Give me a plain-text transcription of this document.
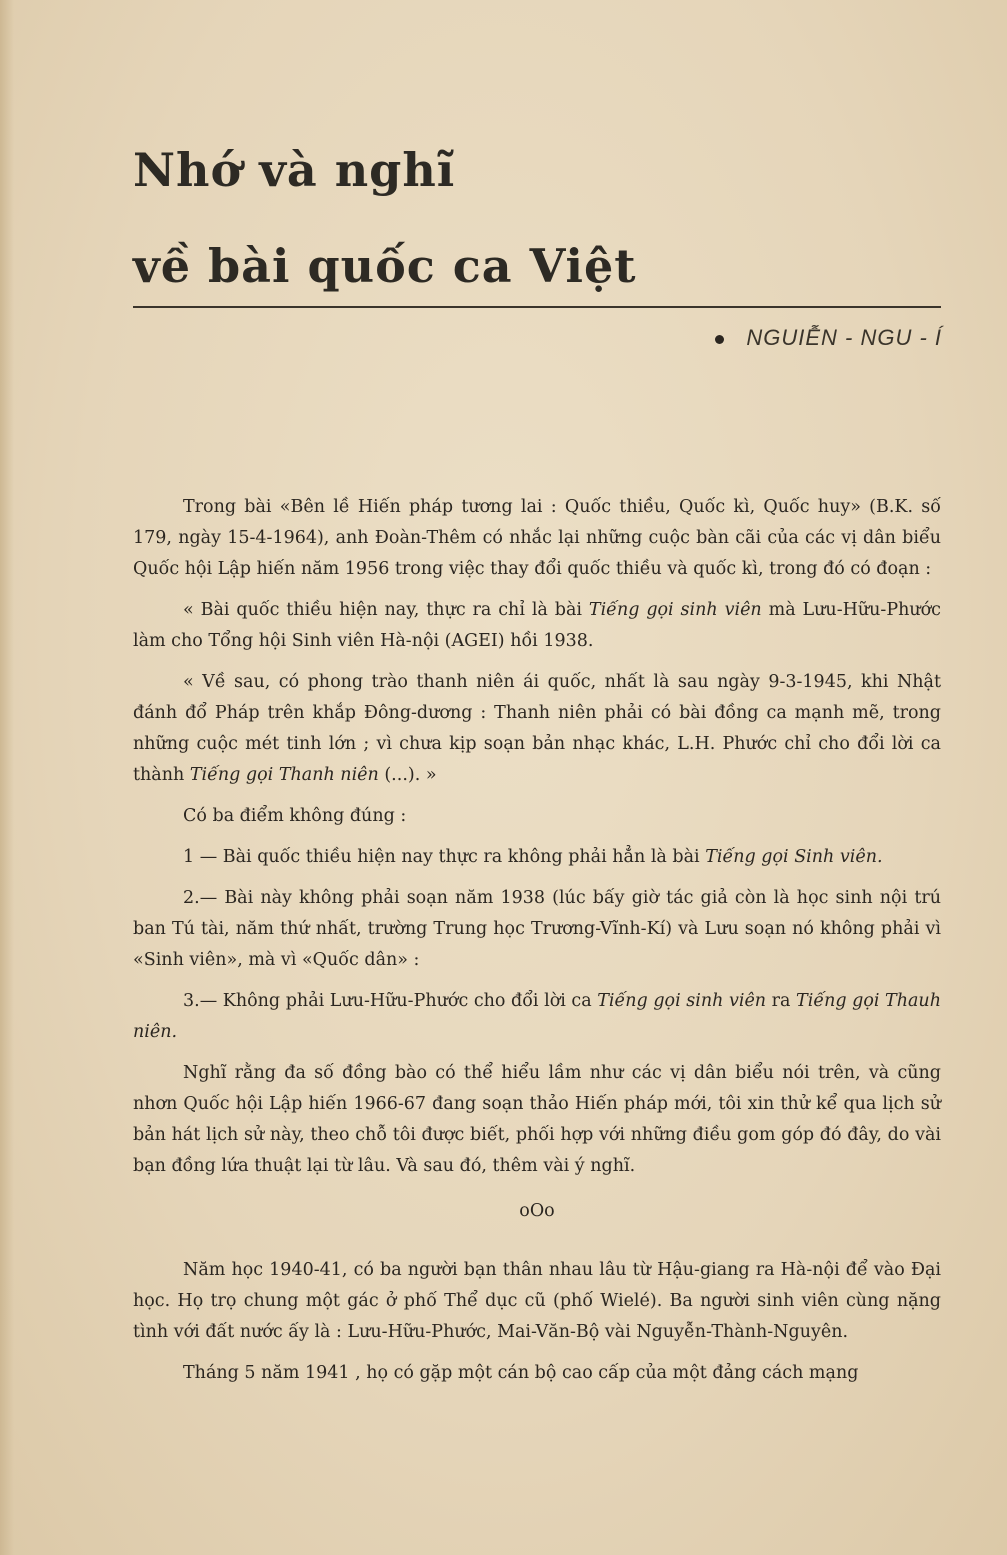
Nhớ và nghĩ
về bài quốc ca Việt
NGUIỄN - NGU - Í

Trong bài «Bên lề Hiến pháp tương lai : Quốc thiều, Quốc kì, Quốc huy» (B.K. số 179, ngày 15-4-1964), anh Đoàn-Thêm có nhắc lại những cuộc bàn cãi của các vị dân biểu Quốc hội Lập hiến năm 1956 trong việc thay đổi quốc thiều và quốc kì, trong đó có đoạn :

« Bài quốc thiều hiện nay, thực ra chỉ là bài Tiếng gọi sinh viên mà Lưu-Hữu-Phước làm cho Tổng hội Sinh viên Hà-nội (AGEI) hồi 1938.

« Về sau, có phong trào thanh niên ái quốc, nhất là sau ngày 9-3-1945, khi Nhật đánh đổ Pháp trên khắp Đông-dương : Thanh niên phải có bài đồng ca mạnh mẽ, trong những cuộc mét tinh lớn ; vì chưa kịp soạn bản nhạc khác, L.H. Phước chỉ cho đổi lời ca thành Tiếng gọi Thanh niên (...). »

Có ba điểm không đúng :

1 — Bài quốc thiều hiện nay thực ra không phải hẳn là bài Tiếng gọi Sinh viên.

2.— Bài này không phải soạn năm 1938 (lúc bấy giờ tác giả còn là học sinh nội trú ban Tú tài, năm thứ nhất, trường Trung học Trương-Vĩnh-Kí) và Lưu soạn nó không phải vì «Sinh viên», mà vì «Quốc dân» :

3.— Không phải Lưu-Hữu-Phước cho đổi lời ca Tiếng gọi sinh viên ra Tiếng gọi Thauh niên.

Nghĩ rằng đa số đồng bào có thể hiểu lầm như các vị dân biểu nói trên, và cũng nhơn Quốc hội Lập hiến 1966-67 đang soạn thảo Hiến pháp mới, tôi xin thử kể qua lịch sử bản hát lịch sử này, theo chỗ tôi được biết, phối hợp với những điều gom góp đó đây, do vài bạn đồng lứa thuật lại từ lâu. Và sau đó, thêm vài ý nghĩ.

oOo

Năm học 1940-41, có ba người bạn thân nhau lâu từ Hậu-giang ra Hà-nội để vào Đại học. Họ trọ chung một gác ở phố Thể dục cũ (phố Wielé). Ba người sinh viên cùng nặng tình với đất nước ấy là : Lưu-Hữu-Phước, Mai-Văn-Bộ vài Nguyễn-Thành-Nguyên.

Tháng 5 năm 1941 , họ có gặp một cán bộ cao cấp của một đảng cách mạng
